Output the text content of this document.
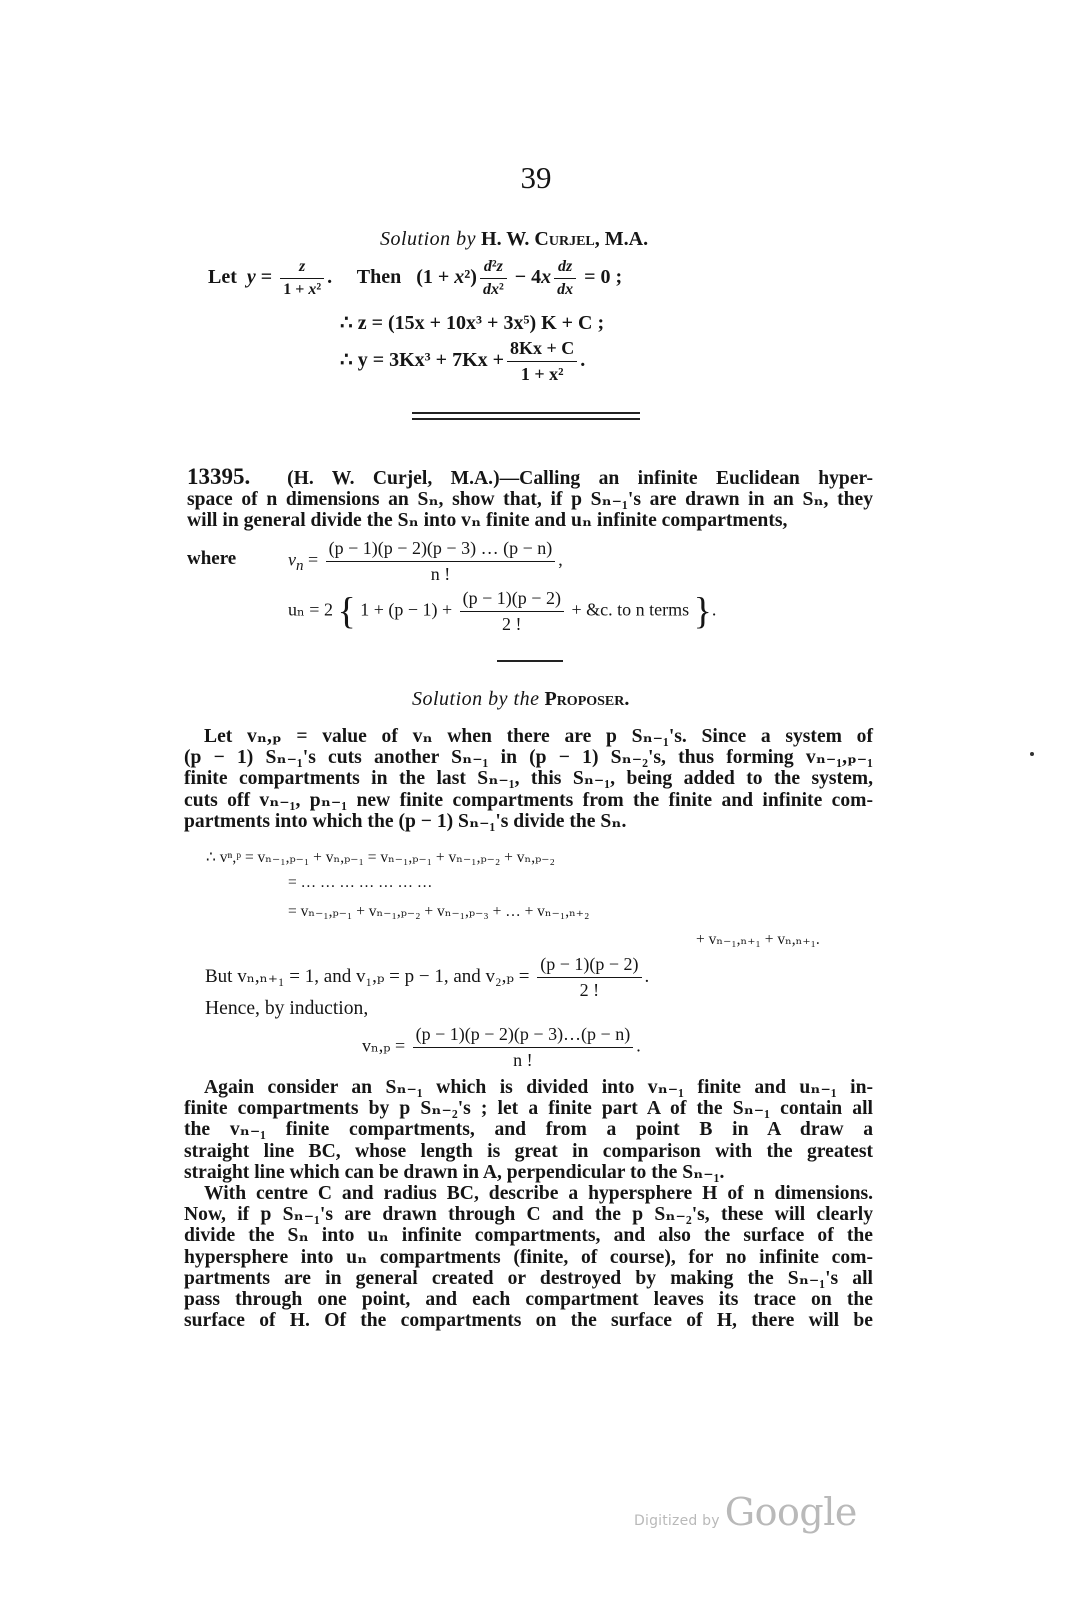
39
Solution by H. W. Curjel, M.A.
Let $y = \frac{z}{\text{1 + x²}}$ .     Then   $(1 + x^2) \frac{\text{d²z}}{\text{dx²}} - 4x \frac{dz}{dx} = 0$ ;
∴ z = (15x + 10x³ + 3x⁵) K + C ;
∴ $y = 3Kx^3 + 7Kx + \frac{8Kx + C}{\text{1 + x²}}$ .
13395. (H. W. Curjel, M.A.)—Calling an infinite Euclidean hyper-
space of n dimensions an Sₙ, show that, if p Sₙ₋₁'s are drawn in an Sₙ, they
will in general divide the Sₙ into vₙ finite and uₙ infinite compartments,
where	$v_n = \frac{(p - 1)(p - 2)(p - 3) \dots (p - n)}{n !}$ ,
uₙ = 2 { $1 + (p - 1) + \frac{(p - 1)(p - 2)}{2 !}$ + &c. to n terms }.
Solution by the Proposer.
Let vₙ,ₚ = value of vₙ when there are p Sₙ₋₁'s. Since a system of
(p − 1) Sₙ₋₁'s cuts another Sₙ₋₁ in (p − 1) Sₙ₋₂'s, thus forming vₙ₋₁,ₚ₋₁
finite compartments in the last Sₙ₋₁, this Sₙ₋₁, being added to the system,
cuts off vₙ₋₁, pₙ₋₁ new finite compartments from the finite and infinite com-
partments into which the (p − 1) Sₙ₋₁'s divide the Sₙ.
∴ vⁿ,ᵖ = vₙ₋₁,ₚ₋₁ + vₙ,ₚ₋₁ = vₙ₋₁,ₚ₋₁ + vₙ₋₁,ₚ₋₂ + vₙ,ₚ₋₂
= … … … … … … …
= vₙ₋₁,ₚ₋₁ + vₙ₋₁,ₚ₋₂ + vₙ₋₁,ₚ₋₃ + … + vₙ₋₁,ₙ₊₂
+ vₙ₋₁,ₙ₊₁ + vₙ,ₙ₊₁.
But vₙ,ₙ₊₁ = 1, and v₁,ₚ = p − 1, and $v_2,_p = \frac{(p - 1)(p - 2)}{2 !}$ .
Hence, by induction,
$v_n,_p = \frac{(p - 1)(p - 2)(p - 3)\dots(p - n)}{n !}$ .
Again consider an Sₙ₋₁ which is divided into vₙ₋₁ finite and uₙ₋₁ in-
finite compartments by p Sₙ₋₂'s ; let a finite part A of the Sₙ₋₁ contain all
the vₙ₋₁ finite compartments, and from a point B in A draw a
straight line BC, whose length is great in comparison with the greatest
straight line which can be drawn in A, perpendicular to the Sₙ₋₁.
With centre C and radius BC, describe a hypersphere H of n dimensions.
Now, if p Sₙ₋₁'s are drawn through C and the p Sₙ₋₂'s, these will clearly
divide the Sₙ into uₙ infinite compartments, and also the surface of the
hypersphere into uₙ compartments (finite, of course), for no infinite com-
partments are in general created or destroyed by making the Sₙ₋₁'s all
pass through one point, and each compartment leaves its trace on the
surface of H. Of the compartments on the surface of H, there will be
Digitized by Google
